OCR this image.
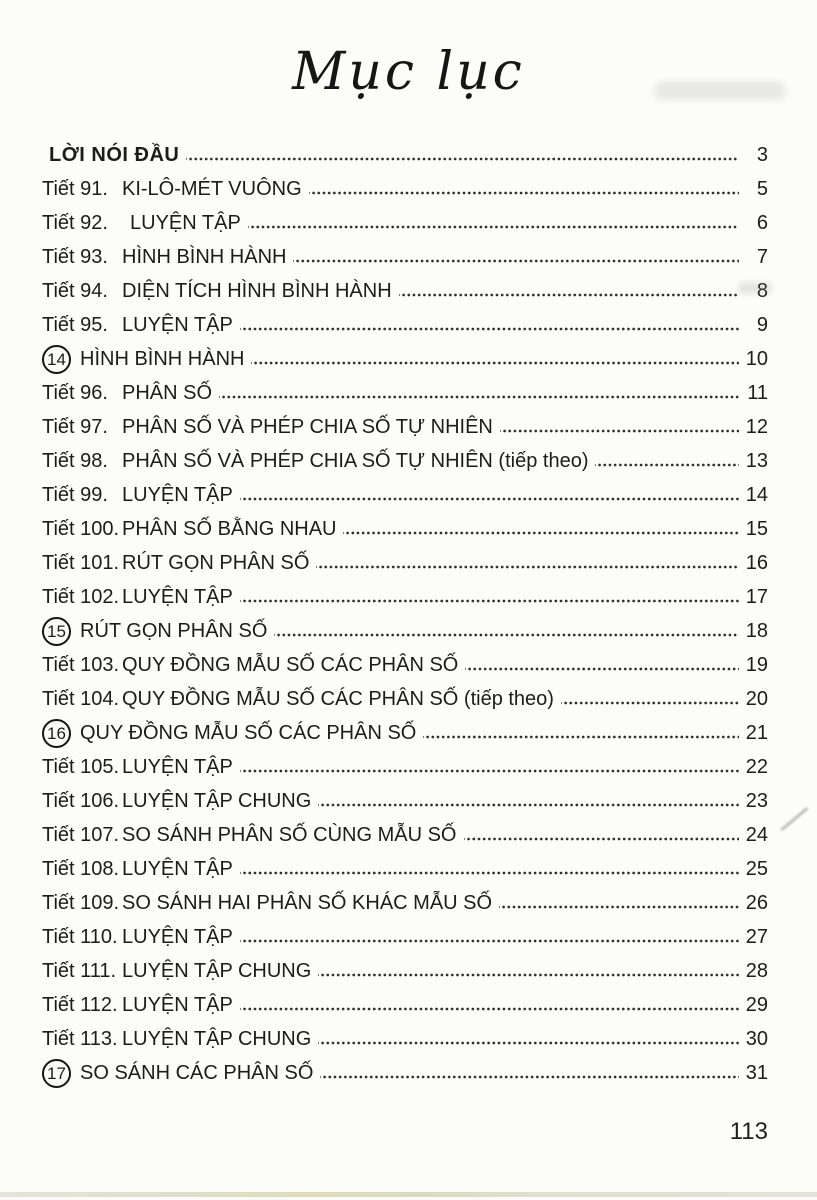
Mục lục
LỜI NÓI ĐẦU	3
Tiết 91. KI-LÔ-MÉT VUÔNG	5
Tiết 92.	LUYỆN TẬP	6
Tiết 93. HÌNH BÌNH HÀNH	7
Tiết 94. DIỆN TÍCH HÌNH BÌNH HÀNH	8
Tiết 95. LUYỆN TẬP	9
14 HÌNH BÌNH HÀNH	10
Tiết 96. PHÂN SỐ	11
Tiết 97. PHÂN SỐ VÀ PHÉP CHIA SỐ TỰ NHIÊN	12
Tiết 98. PHÂN SỐ VÀ PHÉP CHIA SỐ TỰ NHIÊN (tiếp theo)	13
Tiết 99. LUYỆN TẬP	14
Tiết 100. PHÂN SỐ BẰNG NHAU	15
Tiết 101. RÚT GỌN PHÂN SỐ	16
Tiết 102. LUYỆN TẬP	17
15 RÚT GỌN PHÂN SỐ	18
Tiết 103. QUY ĐỒNG MẪU SỐ CÁC PHÂN SỐ	19
Tiết 104. QUY ĐỒNG MẪU SỐ CÁC PHÂN SỐ (tiếp theo)	20
16 QUY ĐỒNG MẪU SỐ CÁC PHÂN SỐ	21
Tiết 105. LUYỆN TẬP	22
Tiết 106. LUYỆN TẬP CHUNG	23
Tiết 107. SO SÁNH PHÂN SỐ CÙNG MẪU SỐ	24
Tiết 108. LUYỆN TẬP	25
Tiết 109. SO SÁNH HAI PHÂN SỐ KHÁC MẪU SỐ	26
Tiết 110. LUYỆN TẬP	27
Tiết 111. LUYỆN TẬP CHUNG	28
Tiết 112. LUYỆN TẬP	29
Tiết 113. LUYỆN TẬP CHUNG	30
17 SO SÁNH CÁC PHÂN SỐ	31
113
